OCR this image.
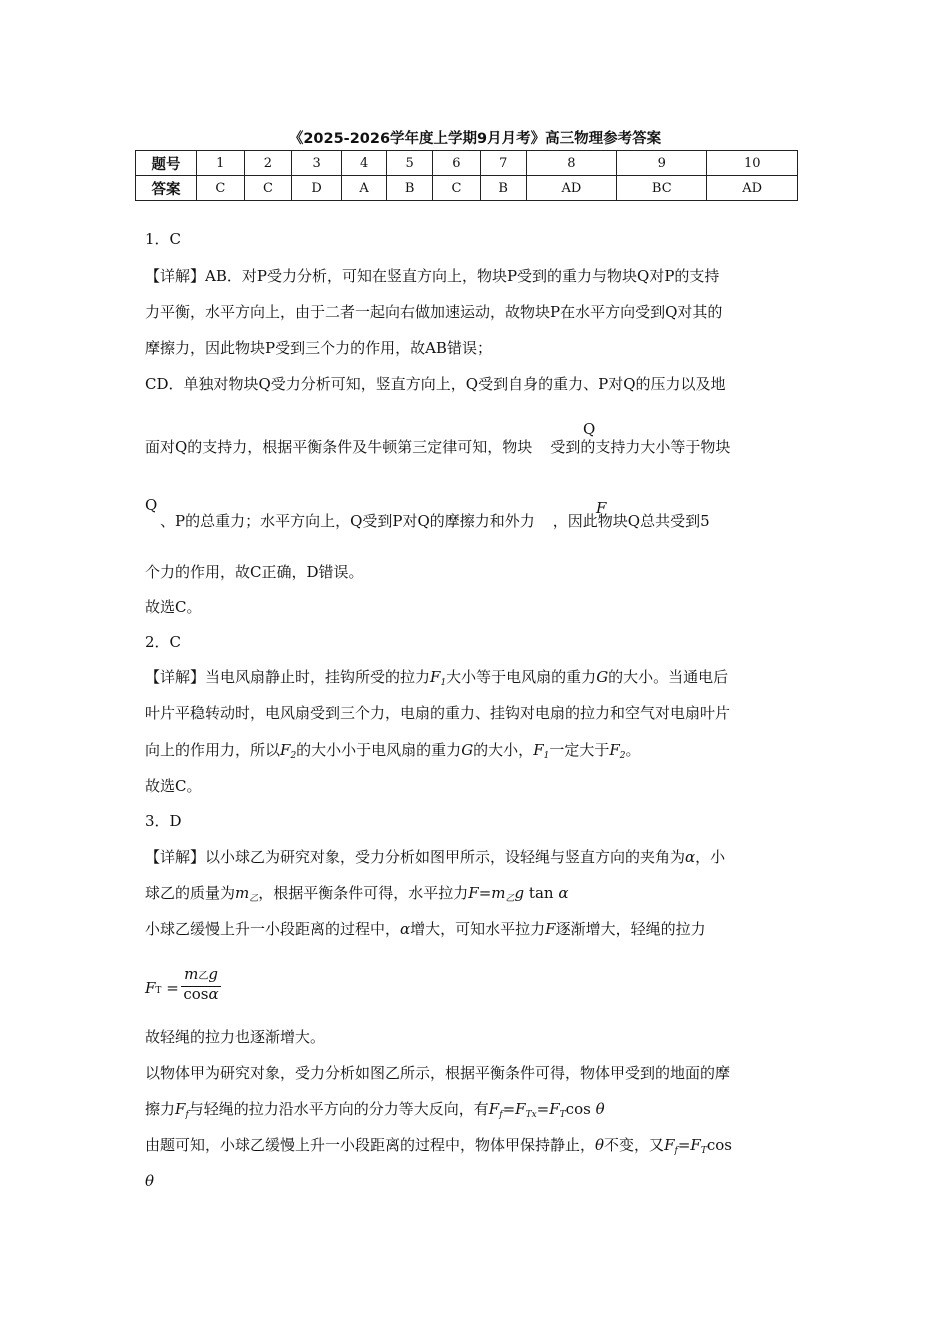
《2025-2026学年度上学期9月月考》高三物理参考答案
题号	1	2	3	4	5	6	7	8	9	10
答案	C	C	D	A	B	C	B	AD	BC	AD
1．C
【详解】AB．对P受力分析，可知在竖直方向上，物块P受到的重力与物块Q对P的支持
力平衡，水平方向上，由于二者一起向右做加速运动，故物块P在水平方向受到Q对其的
摩擦力，因此物块P受到三个力的作用，故AB错误；
CD．单独对物块Q受力分析可知，竖直方向上，Q受到自身的重力、P对Q的压力以及地
面对Q的支持力，根据平衡条件及牛顿第三定律可知，物块 受到的支持力大小等于物块
Q
Q
、P的总重力；水平方向上，Q受到P对Q的摩擦力和外力 ，因此物块Q总共受到5
F
个力的作用，故C正确，D错误。
故选C。
2．C
【详解】当电风扇静止时，挂钩所受的拉力$F_1$大小等于电风扇的重力G的大小。当通电后
叶片平稳转动时，电风扇受到三个力，电扇的重力、挂钩对电扇的拉力和空气对电扇叶片
向上的作用力，所以$F_2$的大小小于电风扇的重力G的大小，$F_1$一定大于$F_2$。
故选C。
3．D
【详解】以小球乙为研究对象，受力分析如图甲所示，设轻绳与竖直方向的夹角为α，小
球乙的质量为$m_乙$，根据平衡条件可得，水平拉力$F=m_乙g$ tan α
小球乙缓慢上升一小段距离的过程中，α增大，可知水平拉力F逐渐增大，轻绳的拉力
FT =
m乙g
cosα
故轻绳的拉力也逐渐增大。
以物体甲为研究对象，受力分析如图乙所示，根据平衡条件可得，物体甲受到的地面的摩
擦力$F_f$与轻绳的拉力沿水平方向的分力等大反向，有$F_f=F_{Tx}=F_T\cos$ θ
由题可知，小球乙缓慢上升一小段距离的过程中，物体甲保持静止，θ不变，又$F_f=F_T\cos$
θ
